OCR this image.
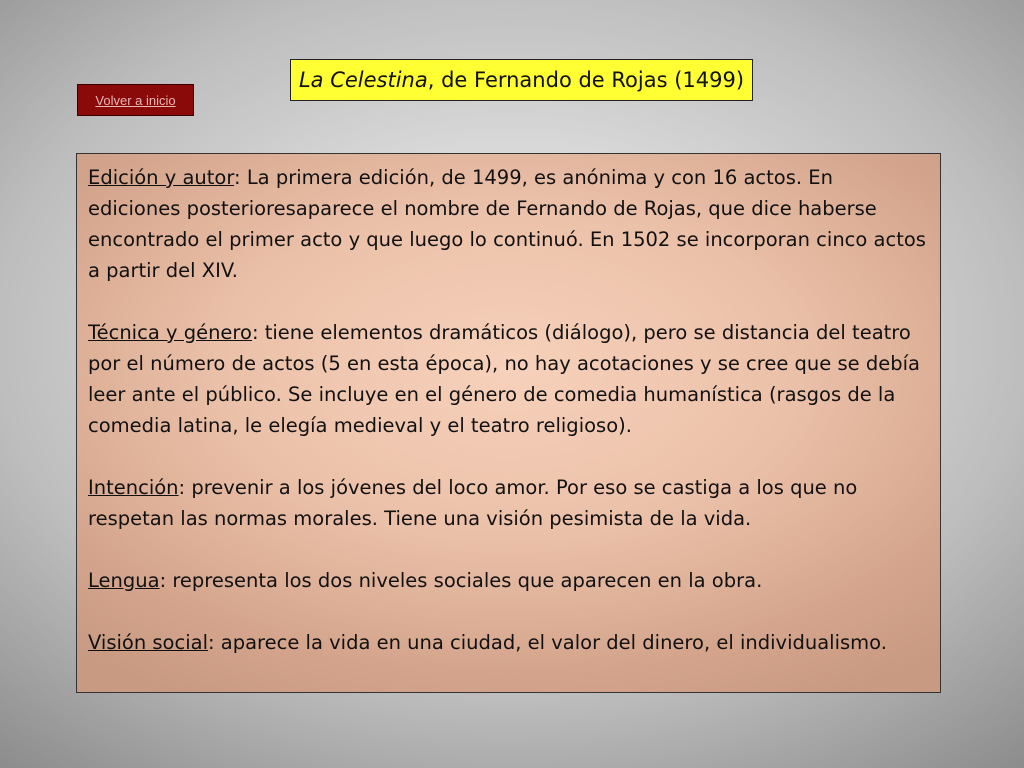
Volver a inicio
La Celestina , de Fernando de Rojas (1499)

Edición y autor: La primera edición, de 1499, es anónima y con 16 actos. En ediciones posterioresaparece el nombre de Fernando de Rojas, que dice haberse encontrado el primer acto y que luego lo continuó. En 1502 se incorporan cinco actos a partir del XIV.

Técnica y género: tiene elementos dramáticos (diálogo), pero se distancia del teatro por el número de actos (5 en esta época), no hay acotaciones y se cree que se debía leer ante el público. Se incluye en el género de comedia humanística (rasgos de la comedia latina, le elegía medieval y el teatro religioso).

Intención: prevenir a los jóvenes del loco amor. Por eso se castiga a los que no respetan las normas morales. Tiene una visión pesimista de la vida.

Lengua: representa los dos niveles sociales que aparecen en la obra.

Visión social: aparece la vida en una ciudad, el valor del dinero, el individualismo.
